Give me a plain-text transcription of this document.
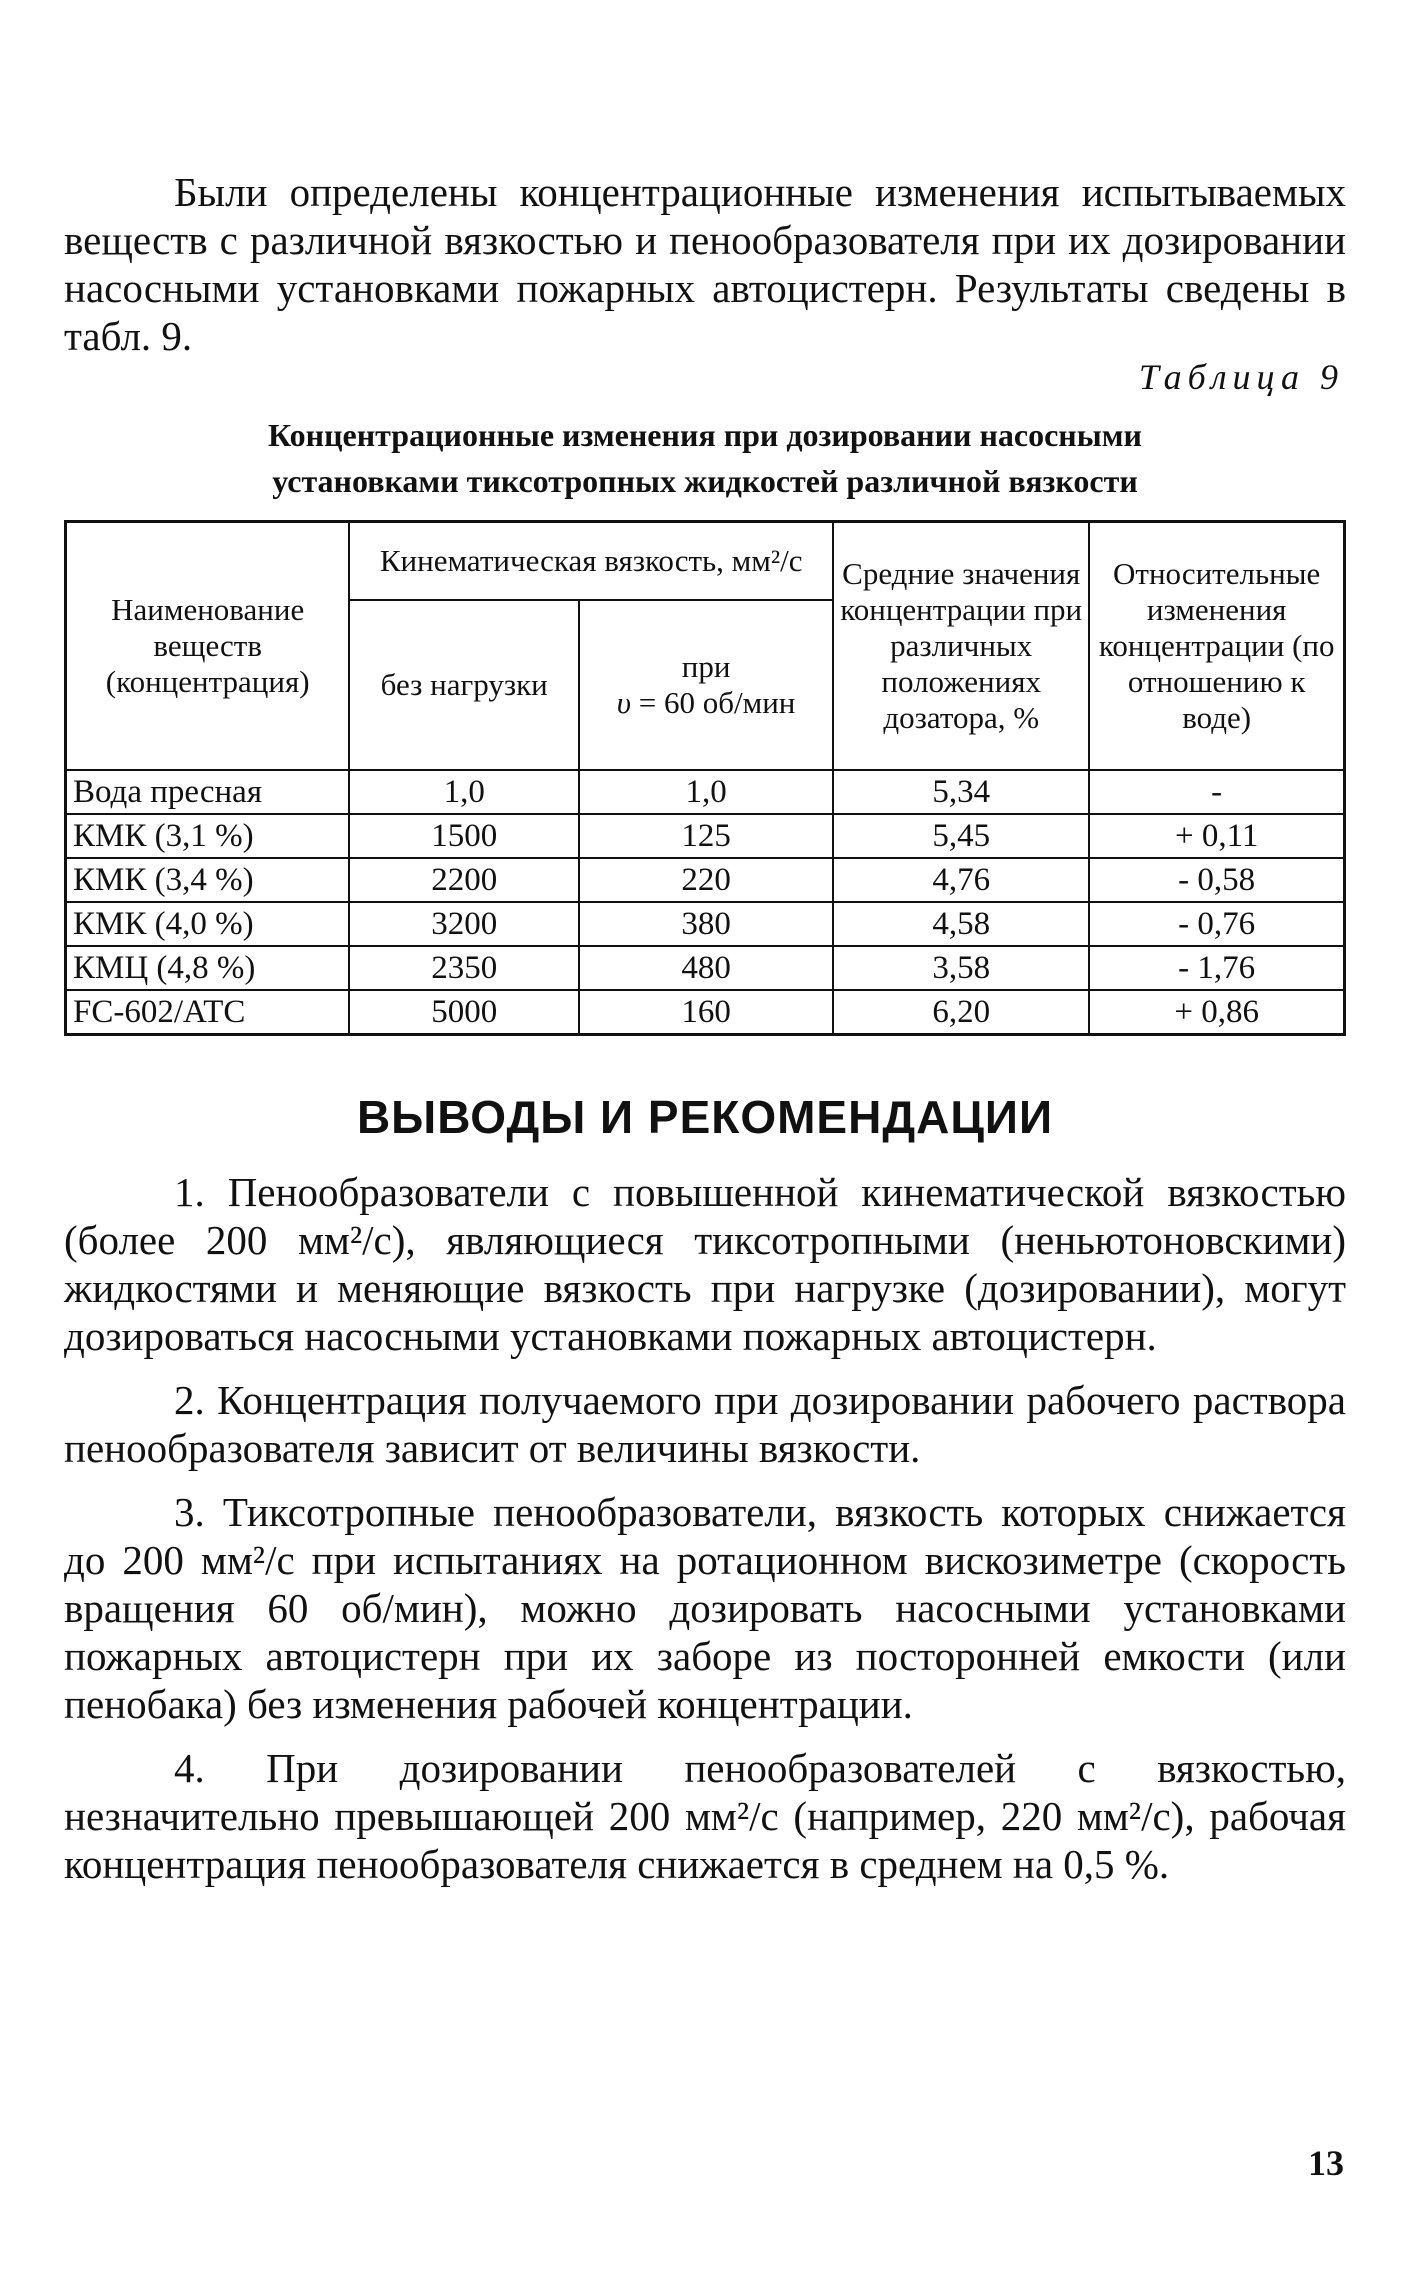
Были определены концентрационные изменения испытываемых веществ с различной вязкостью и пенообразователя при их дозировании насосными установками пожарных автоцистерн. Результаты сведены в табл. 9.

Таблица 9
Концентрационные изменения при дозировании насосными
установками тиксотропных жидкостей различной вязкости
Наименование веществ (концентрация)	Кинематическая вязкость, мм²/с		Средние значения концентрации при различных положениях дозатора, %	Относительные изменения концентрации (по отношению к воде)
	без нагрузки	при
υ = 60 об/мин		
Вода пресная	1,0	1,0	5,34	-
КМК (3,1 %)	1500	125	5,45	+ 0,11
КМК (3,4 %)	2200	220	4,76	- 0,58
КМК (4,0 %)	3200	380	4,58	- 0,76
КМЦ (4,8 %)	2350	480	3,58	- 1,76
FC-602/ATC	5000	160	6,20	+ 0,86
ВЫВОДЫ И РЕКОМЕНДАЦИИ

1. Пенообразователи с повышенной кинематической вязкостью (более 200 мм²/с), являющиеся тиксотропными (неньютоновскими) жидкостями и меняющие вязкость при нагрузке (дозировании), могут дозироваться насосными установками пожарных автоцистерн.

2. Концентрация получаемого при дозировании рабочего раствора пенообразователя зависит от величины вязкости.

3. Тиксотропные пенообразователи, вязкость которых снижается до 200 мм²/с при испытаниях на ротационном вискозиметре (скорость вращения 60 об/мин), можно дозировать насосными установками пожарных автоцистерн при их заборе из посторонней емкости (или пенобака) без изменения рабочей концентрации.

4. При дозировании пенообразователей с вязкостью, незначительно превышающей 200 мм²/с (например, 220 мм²/с), рабочая концентрация пенообразователя снижается в среднем на 0,5 %.

13
